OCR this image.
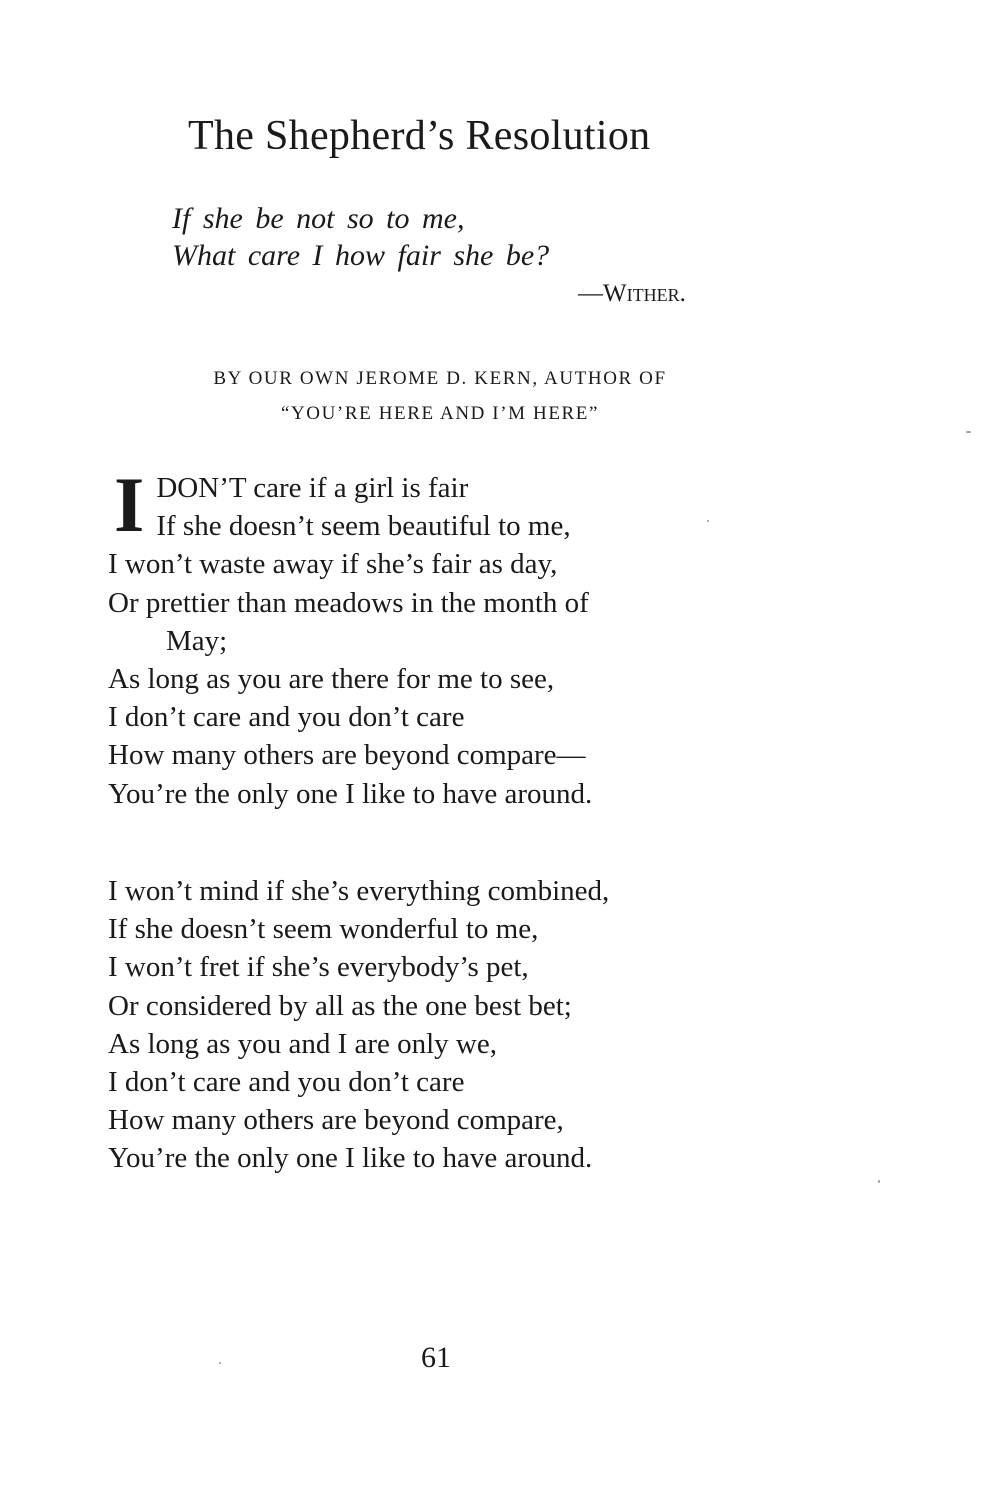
The Shepherd’s Resolution
If she be not so to me,
What care I how fair she be?
—Wither.
BY OUR OWN JEROME D. KERN, AUTHOR OF
“YOU’RE HERE AND I’M HERE”
I DON’T care if a girl is fair
If she doesn’t seem beautiful to me,
I won’t waste away if she’s fair as day,
Or prettier than meadows in the month of
May;
As long as you are there for me to see,
I don’t care and you don’t care
How many others are beyond compare—
You’re the only one I like to have around.
I won’t mind if she’s everything combined,
If she doesn’t seem wonderful to me,
I won’t fret if she’s everybody’s pet,
Or considered by all as the one best bet;
As long as you and I are only we,
I don’t care and you don’t care
How many others are beyond compare,
You’re the only one I like to have around.
61
